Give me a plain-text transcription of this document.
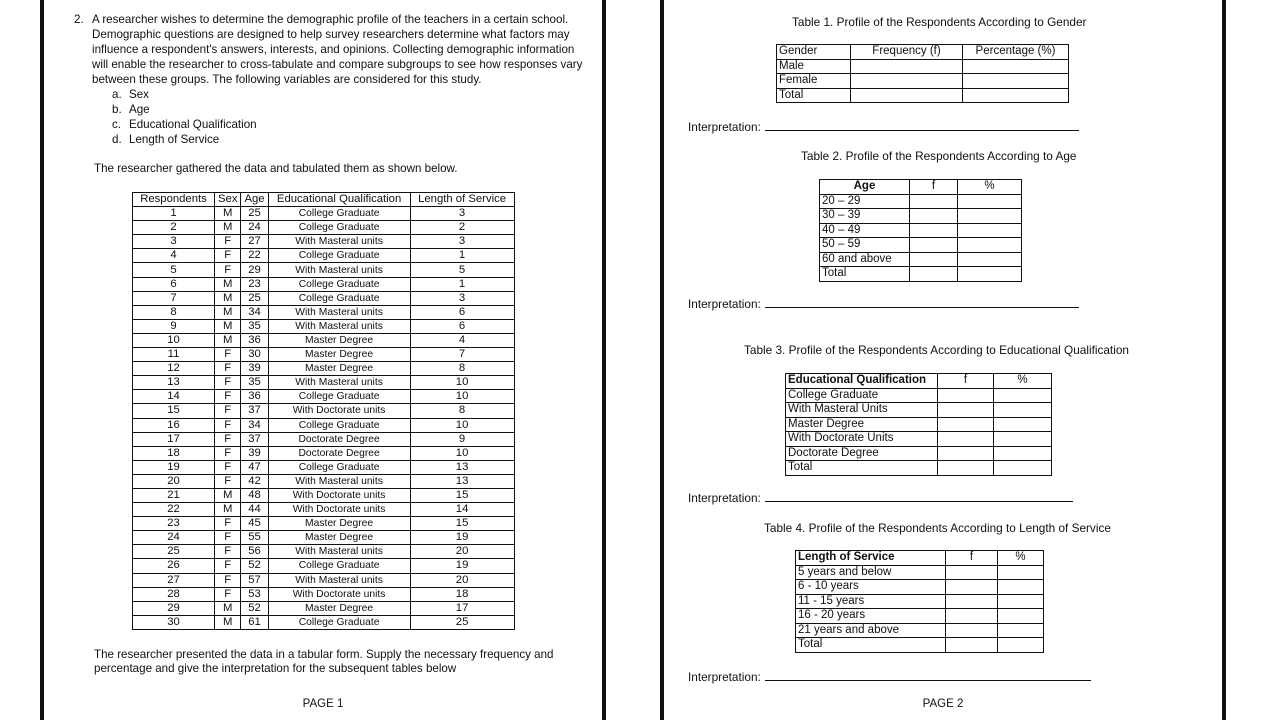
2. A researcher wishes to determine the demographic profile of the teachers in a certain school. Demographic questions are designed to help survey researchers determine what factors may influence a respondent's answers, interests, and opinions. Collecting demographic information will enable the researcher to cross-tabulate and compare subgroups to see how responses vary between these groups. The following variables are considered for this study.
a. Sex
b. Age
c. Educational Qualification
d. Length of Service
The researcher gathered the data and tabulated them as shown below.
Respondents	Sex	Age	Educational Qualification	Length of Service
1	M	25	College Graduate	3
2	M	24	College Graduate	2
3	F	27	With Masteral units	3
4	F	22	College Graduate	1
5	F	29	With Masteral units	5
6	M	23	College Graduate	1
7	M	25	College Graduate	3
8	M	34	With Masteral units	6
9	M	35	With Masteral units	6
10	M	36	Master Degree	4
11	F	30	Master Degree	7
12	F	39	Master Degree	8
13	F	35	With Masteral units	10
14	F	36	College Graduate	10
15	F	37	With Doctorate units	8
16	F	34	College Graduate	10
17	F	37	Doctorate Degree	9
18	F	39	Doctorate Degree	10
19	F	47	College Graduate	13
20	F	42	With Masteral units	13
21	M	48	With Doctorate units	15
22	M	44	With Doctorate units	14
23	F	45	Master Degree	15
24	F	55	Master Degree	19
25	F	56	With Masteral units	20
26	F	52	College Graduate	19
27	F	57	With Masteral units	20
28	F	53	With Doctorate units	18
29	M	52	Master Degree	17
30	M	61	College Graduate	25
The researcher presented the data in a tabular form. Supply the necessary frequency and percentage and give the interpretation for the subsequent tables below
PAGE 1
Table 1. Profile of the Respondents According to Gender
Gender	Frequency (f)	Percentage (%)
Male		
Female		
Total		
Interpretation:
Table 2. Profile of the Respondents According to Age
Age	f	%
20 – 29		
30 – 39		
40 – 49		
50 – 59		
60 and above		
Total		
Interpretation:
Table 3. Profile of the Respondents According to Educational Qualification
Educational Qualification	f	%
College Graduate		
With Masteral Units		
Master Degree		
With Doctorate Units		
Doctorate Degree		
Total		
Interpretation:
Table 4. Profile of the Respondents According to Length of Service
Length of Service	f	%
5 years and below		
6 - 10 years		
11 - 15 years		
16 - 20 years		
21 years and above		
Total		
Interpretation:
PAGE 2
